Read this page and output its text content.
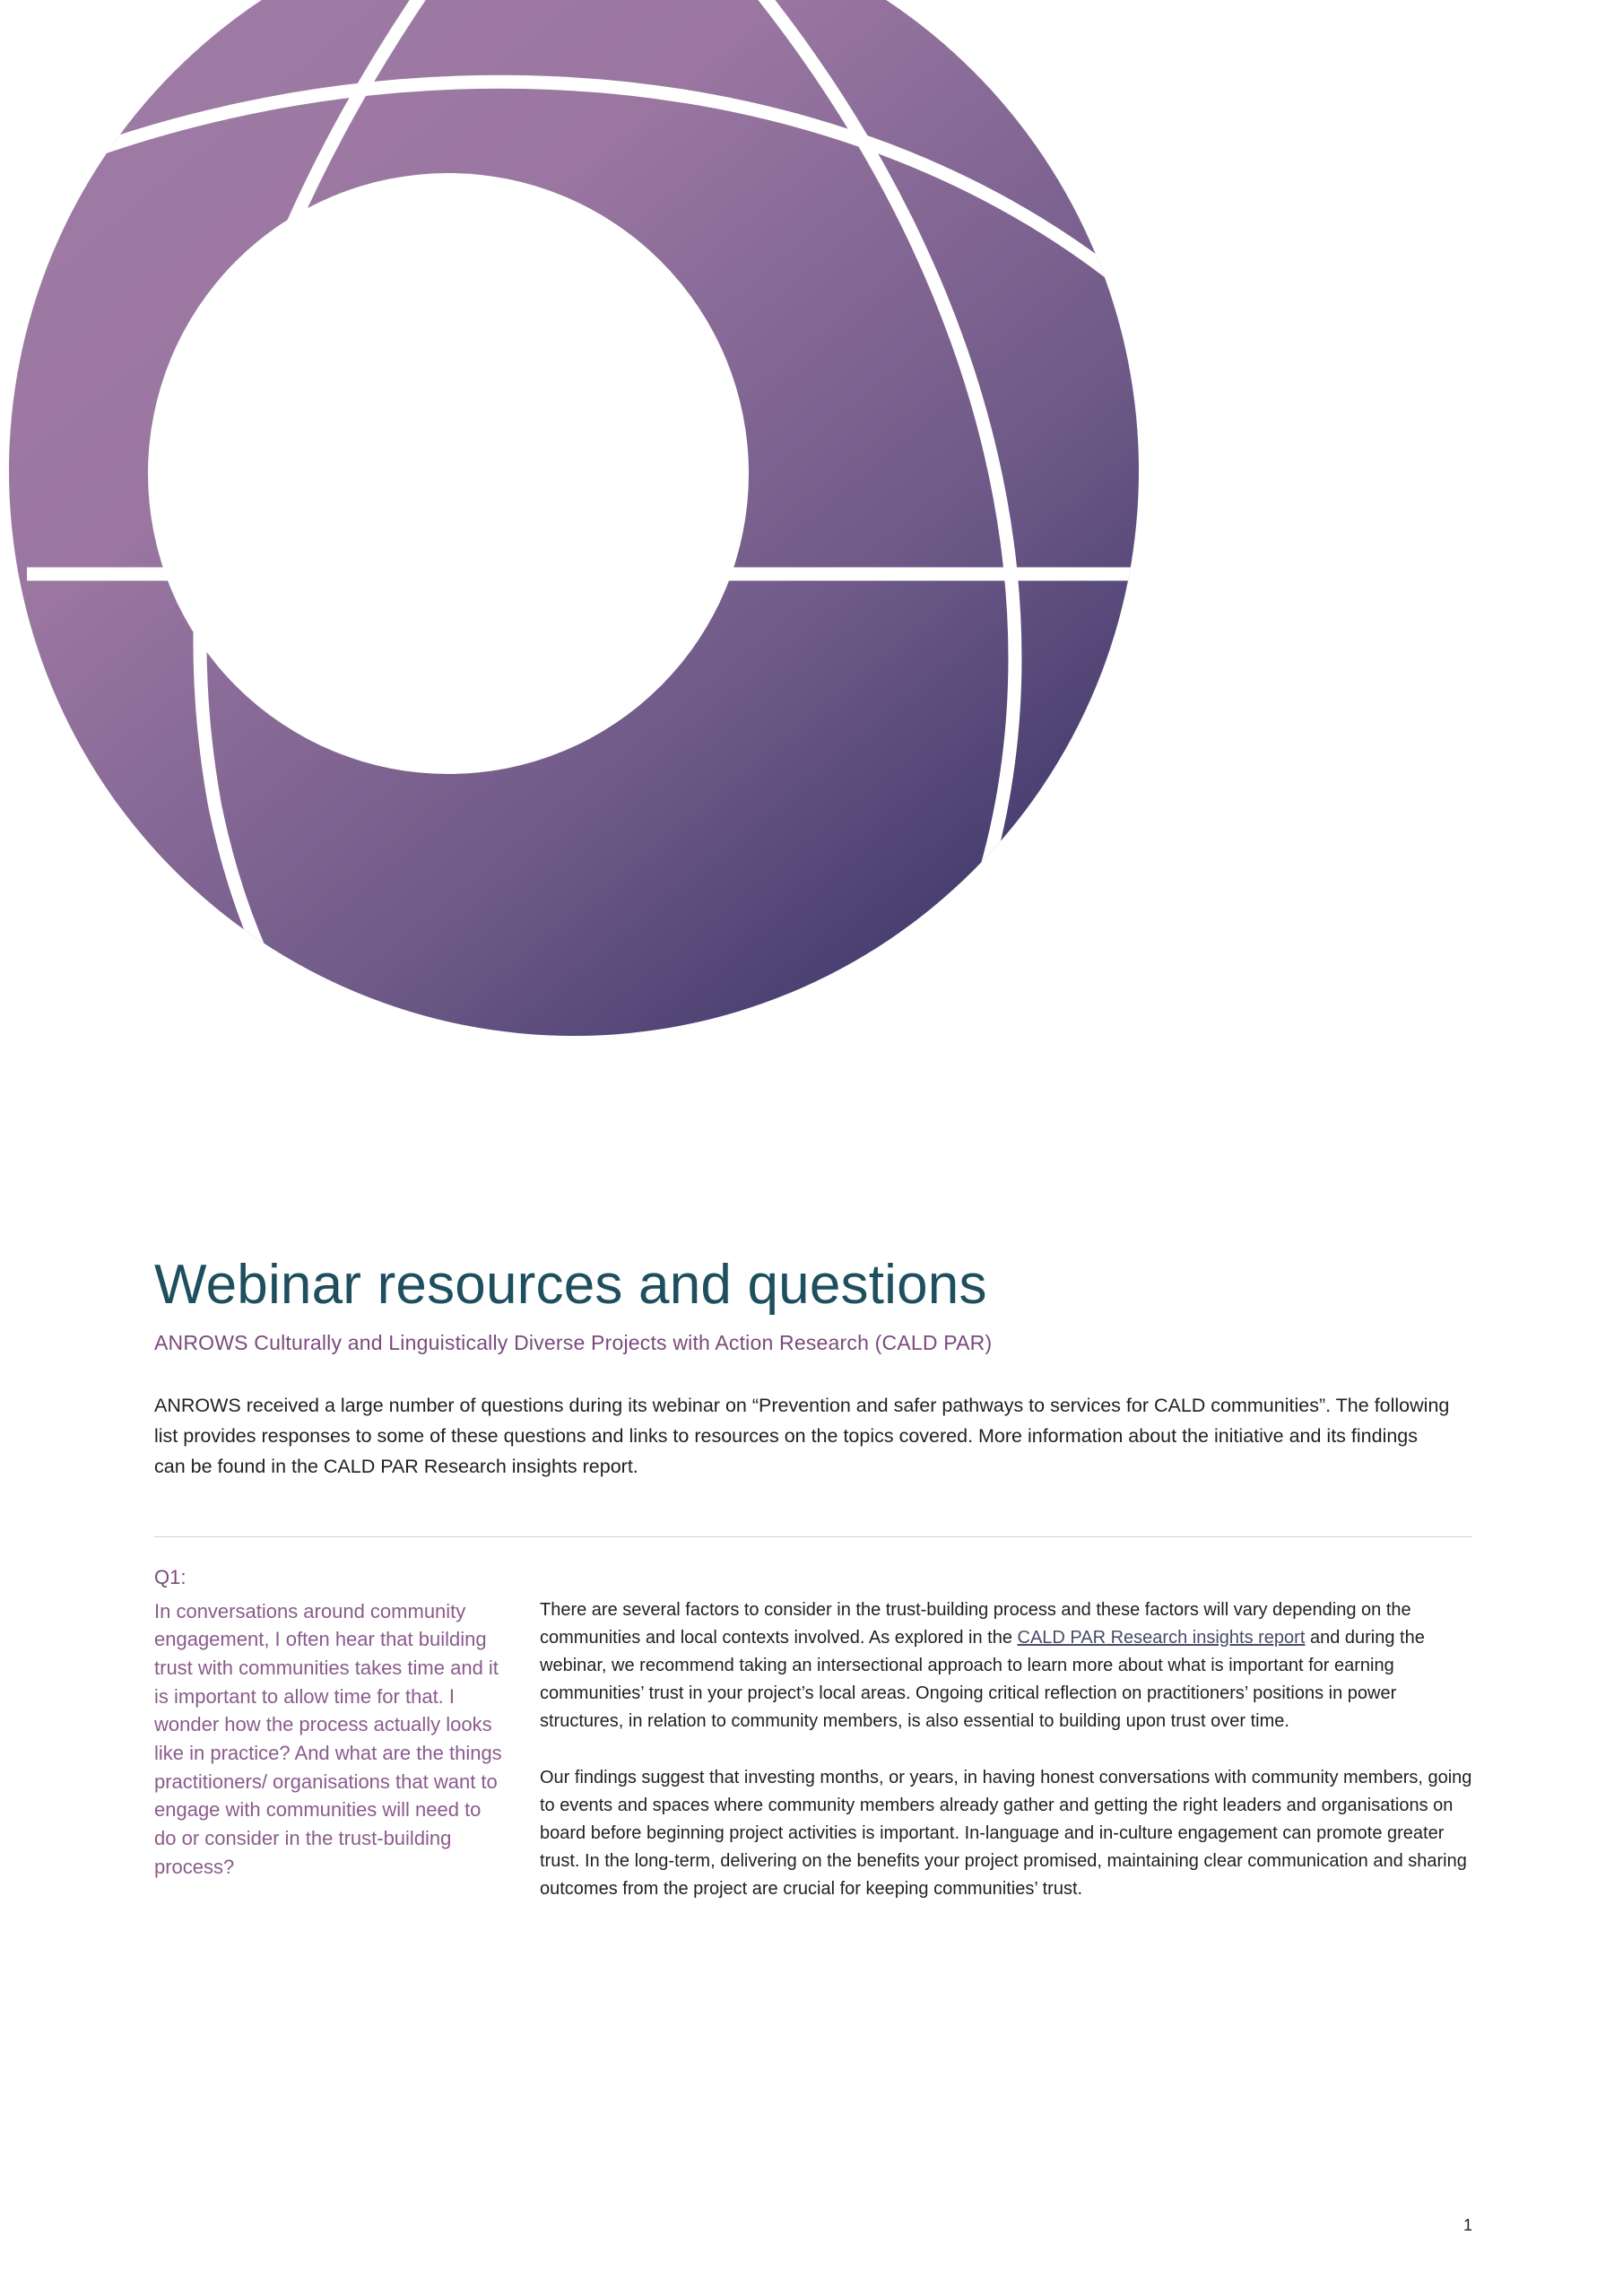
Webinar resources and questions
ANROWS Culturally and Linguistically Diverse Projects with Action Research (CALD PAR)

ANROWS received a large number of questions during its webinar on “Prevention and safer pathways to services for CALD communities”. The following list provides responses to some of these questions and links to resources on the topics covered. More information about the initiative and its findings can be found in the CALD PAR Research insights report.

Q1:

In conversations around community engagement, I often hear that building trust with communities takes time and it is important to allow time for that. I wonder how the process actually looks like in practice? And what are the things practitioners/ organisations that want to engage with communities will need to do or consider in the trust-building process?

There are several factors to consider in the trust-building process and these factors will vary depending on the communities and local contexts involved. As explored in the CALD PAR Research insights report and during the webinar, we recommend taking an intersectional approach to learn more about what is important for earning communities’ trust in your project’s local areas. Ongoing critical reflection on practitioners’ positions in power structures, in relation to community members, is also essential to building upon trust over time.

Our findings suggest that investing months, or years, in having honest conversations with community members, going to events and spaces where community members already gather and getting the right leaders and organisations on board before beginning project activities is important. In-language and in-culture engagement can promote greater trust. In the long-term, delivering on the benefits your project promised, maintaining clear communication and sharing outcomes from the project are crucial for keeping communities’ trust.

1
